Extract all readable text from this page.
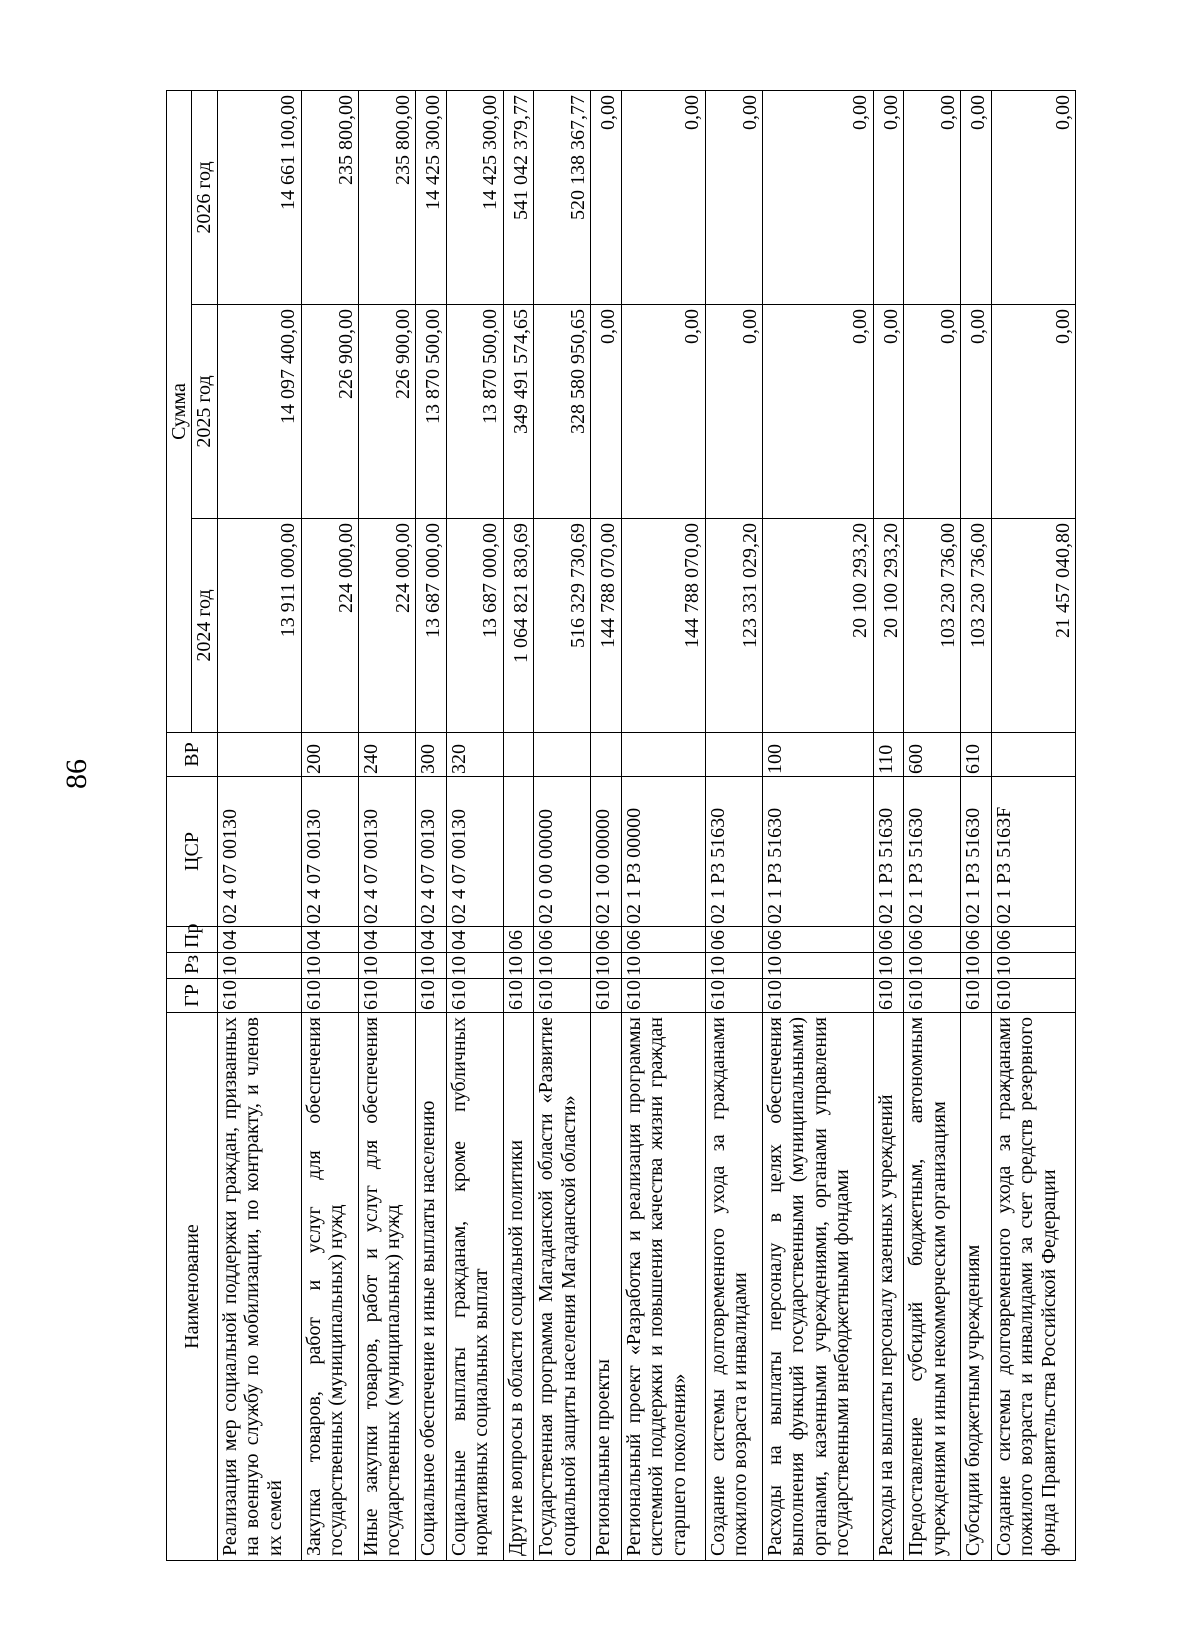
86
Наименование	ГР	Рз	Пр	ЦСР	ВР	Сумма		
						2024 год	2025 год	2026 год
Реализация мер социальной поддержки граждан, призванных на военную службу по мобилизации, по контракту, и членов их семей	610	10	04	02 4 07 00130		13 911 000,00	14 097 400,00	14 661 100,00
Закупка товаров, работ и услуг для обеспечения государственных (муниципальных) нужд	610	10	04	02 4 07 00130	200	224 000,00	226 900,00	235 800,00
Иные закупки товаров, работ и услуг для обеспечения государственных (муниципальных) нужд	610	10	04	02 4 07 00130	240	224 000,00	226 900,00	235 800,00
Социальное обеспечение и иные выплаты населению	610	10	04	02 4 07 00130	300	13 687 000,00	13 870 500,00	14 425 300,00
Социальные выплаты гражданам, кроме публичных нормативных социальных выплат	610	10	04	02 4 07 00130	320	13 687 000,00	13 870 500,00	14 425 300,00
Другие вопросы в области социальной политики	610	10	06			1 064 821 830,69	349 491 574,65	541 042 379,77
Государственная программа Магаданской области «Развитие социальной защиты населения Магаданской области»	610	10	06	02 0 00 00000		516 329 730,69	328 580 950,65	520 138 367,77
Региональные проекты	610	10	06	02 1 00 00000		144 788 070,00	0,00	0,00
Региональный проект «Разработка и реализация программы системной поддержки и повышения качества жизни граждан старшего поколения»	610	10	06	02 1 P3 00000		144 788 070,00	0,00	0,00
Создание системы долговременного ухода за гражданами пожилого возраста и инвалидами	610	10	06	02 1 P3 51630		123 331 029,20	0,00	0,00
Расходы на выплаты персоналу в целях обеспечения выполнения функций государственными (муниципальными) органами, казенными учреждениями, органами управления государственными внебюджетными фондами	610	10	06	02 1 P3 51630	100	20 100 293,20	0,00	0,00
Расходы на выплаты персоналу казенных учреждений	610	10	06	02 1 P3 51630	110	20 100 293,20	0,00	0,00
Предоставление субсидий бюджетным, автономным учреждениям и иным некоммерческим организациям	610	10	06	02 1 P3 51630	600	103 230 736,00	0,00	0,00
Субсидии бюджетным учреждениям	610	10	06	02 1 P3 51630	610	103 230 736,00	0,00	0,00
Создание системы долговременного ухода за гражданами пожилого возраста и инвалидами за счет средств резервного фонда Правительства Российской Федерации	610	10	06	02 1 P3 5163F		21 457 040,80	0,00	0,00
